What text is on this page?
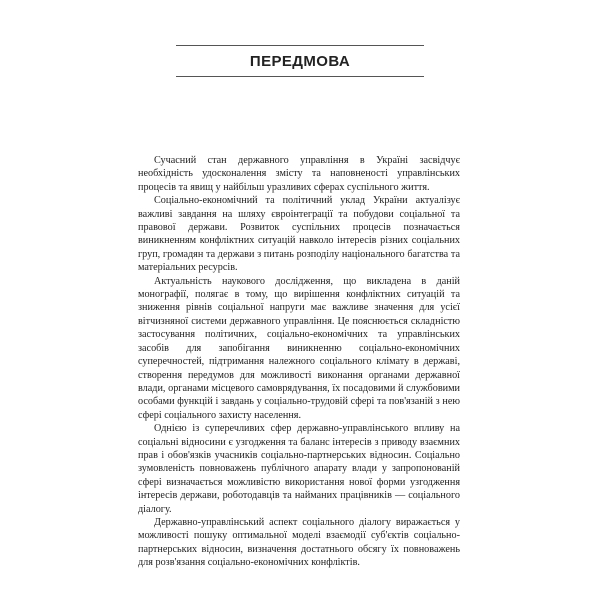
ПЕРЕДМОВА

Сучасний стан державного управління в Україні засвідчує необхідність удосконалення змісту та наповненості управлінських процесів та явищ у найбільш уразливих сферах суспільного життя.

Соціально-економічний та політичний уклад України актуалізує важливі завдання на шляху євроінтеграції та побудови соціальної та правової держави. Розвиток суспільних процесів позначається виникненням конфліктних ситуацій навколо інтересів різних соціальних груп, громадян та держави з питань розподілу національного багатства та матеріальних ресурсів.

Актуальність наукового дослідження, що викладена в даній монографії, полягає в тому, що вирішення конфліктних ситуацій та зниження рівнів соціальної напруги має важливе значення для усієї вітчизняної системи державного управління. Це пояснюється складністю застосування політичних, соціально-економічних та управлінських засобів для запобігання виникненню соціально-економічних суперечностей, підтримання належного соціального клімату в державі, створення передумов для можливості виконання органами державної влади, органами місцевого самоврядування, їх посадовими й службовими особами функцій і завдань у соціально-трудовій сфері та пов'язаній з нею сфері соціального захисту населення.

Однією із суперечливих сфер державно-управлінського впливу на соціальні відносини є узгодження та баланс інтересів з приводу взаємних прав і обов'язків учасників соціально-партнерських відносин. Соціально зумовленість повноважень публічного апарату влади у запропонованій сфері визначається можливістю використання нової форми узгодження інтересів держави, роботодавців та найманих працівників — соціального діалогу.

Державно-управлінський аспект соціального діалогу виражається у можливості пошуку оптимальної моделі взаємодії суб'єктів соціально-партнерських відносин, визначення достатнього обсягу їх повноважень для розв'язання соціально-економічних конфліктів.
